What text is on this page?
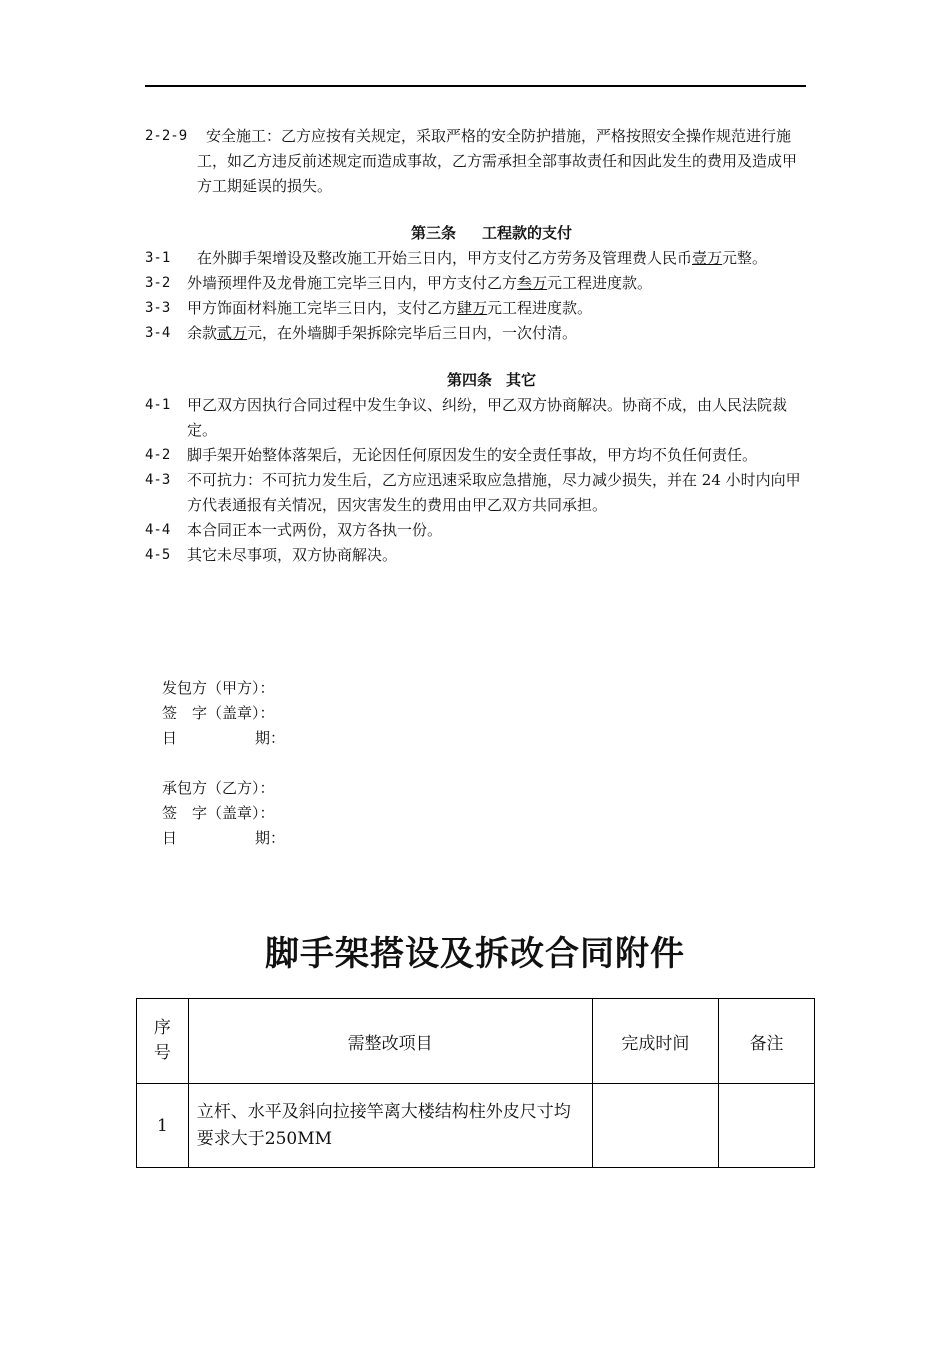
2-2-9	安全施工：乙方应按有关规定，采取严格的安全防护措施，严格按照安全操作规范进行施工，如乙方违反前述规定而造成事故，乙方需承担全部事故责任和因此发生的费用及造成甲方工期延误的损失。
第三条 工程款的支付
3-1	在外脚手架增设及整改施工开始三日内，甲方支付乙方劳务及管理费人民币壹万元整。
3-2	外墙预埋件及龙骨施工完毕三日内，甲方支付乙方叁万元工程进度款。
3-3	甲方饰面材料施工完毕三日内，支付乙方肆万元工程进度款。
3-4	余款贰万元，在外墙脚手架拆除完毕后三日内，一次付清。
第四条 其它
4-1	甲乙双方因执行合同过程中发生争议、纠纷，甲乙双方协商解决。协商不成，由人民法院裁定。
4-2	脚手架开始整体落架后，无论因任何原因发生的安全责任事故，甲方均不负任何责任。
4-3	不可抗力：不可抗力发生后，乙方应迅速采取应急措施，尽力减少损失，并在 24 小时内向甲方代表通报有关情况，因灾害发生的费用由甲乙双方共同承担。
4-4	本合同正本一式两份，双方各执一份。
4-5	其它未尽事项，双方协商解决。
发包方（甲方）：
签　字（盖章）：
日	期：
承包方（乙方）：
签　字（盖章）：
日	期：
脚手架搭设及拆改合同附件
序号	需整改项目	完成时间	备注
1	立杆、水平及斜向拉接竿离大楼结构柱外皮尺寸均要求大于250MM		
